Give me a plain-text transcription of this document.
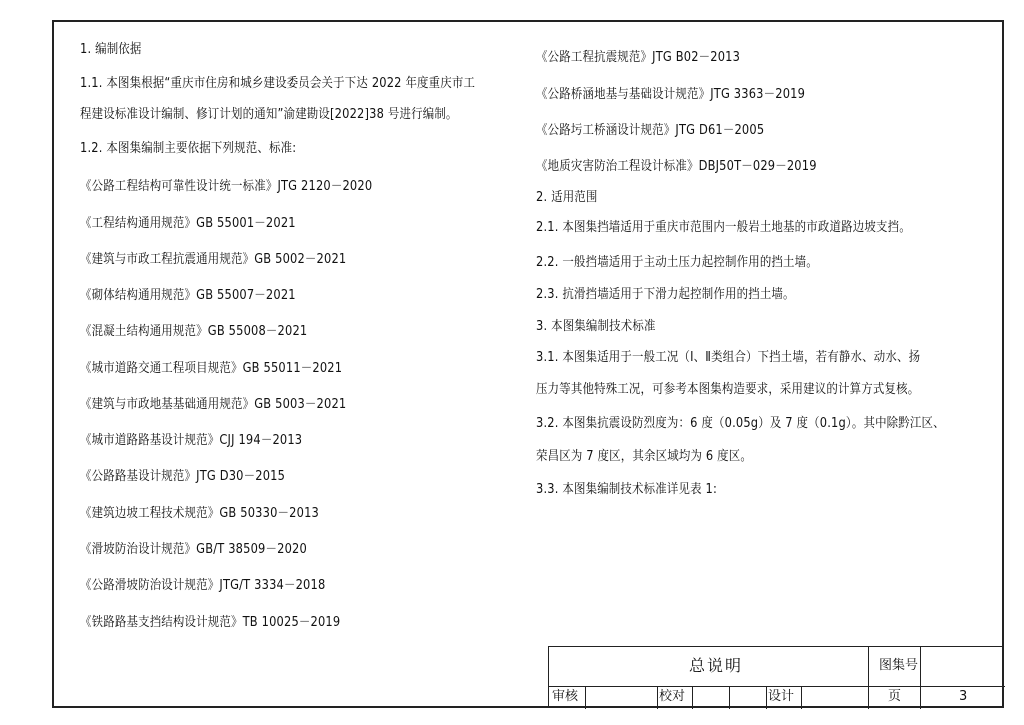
1. 编制依据
1.1. 本图集根据“重庆市住房和城乡建设委员会关于下达 2022 年度重庆市工
程建设标准设计编制、修订计划的通知”渝建勘设[2022]38 号进行编制。
1.2. 本图集编制主要依据下列规范、标准:
《公路工程结构可靠性设计统一标准》JTG 2120－2020
《工程结构通用规范》GB 55001－2021
《建筑与市政工程抗震通用规范》GB 5002－2021
《砌体结构通用规范》GB 55007－2021
《混凝土结构通用规范》GB 55008－2021
《城市道路交通工程项目规范》GB 55011－2021
《建筑与市政地基基础通用规范》GB 5003－2021
《城市道路路基设计规范》CJJ 194－2013
《公路路基设计规范》JTG D30－2015
《建筑边坡工程技术规范》GB 50330－2013
《滑坡防治设计规范》GB/T 38509－2020
《公路滑坡防治设计规范》JTG/T 3334－2018
《铁路路基支挡结构设计规范》TB 10025－2019
《公路工程抗震规范》JTG B02－2013
《公路桥涵地基与基础设计规范》JTG 3363－2019
《公路圬工桥涵设计规范》JTG D61－2005
《地质灾害防治工程设计标准》DBJ50T－029－2019
2. 适用范围
2.1. 本图集挡墙适用于重庆市范围内一般岩土地基的市政道路边坡支挡。
2.2. 一般挡墙适用于主动土压力起控制作用的挡土墙。
2.3. 抗滑挡墙适用于下滑力起控制作用的挡土墙。
3. 本图集编制技术标准
3.1. 本图集适用于一般工况（Ⅰ、Ⅱ类组合）下挡土墙，若有静水、动水、扬
压力等其他特殊工况，可参考本图集构造要求，采用建议的计算方式复核。
3.2. 本图集抗震设防烈度为：6 度（0.05g）及 7 度（0.1g）。其中除黔江区、
荣昌区为 7 度区，其余区域均为 6 度区。
3.3. 本图集编制技术标准详见表 1:
总说明	图集号
审核	校对	设计	页	3
